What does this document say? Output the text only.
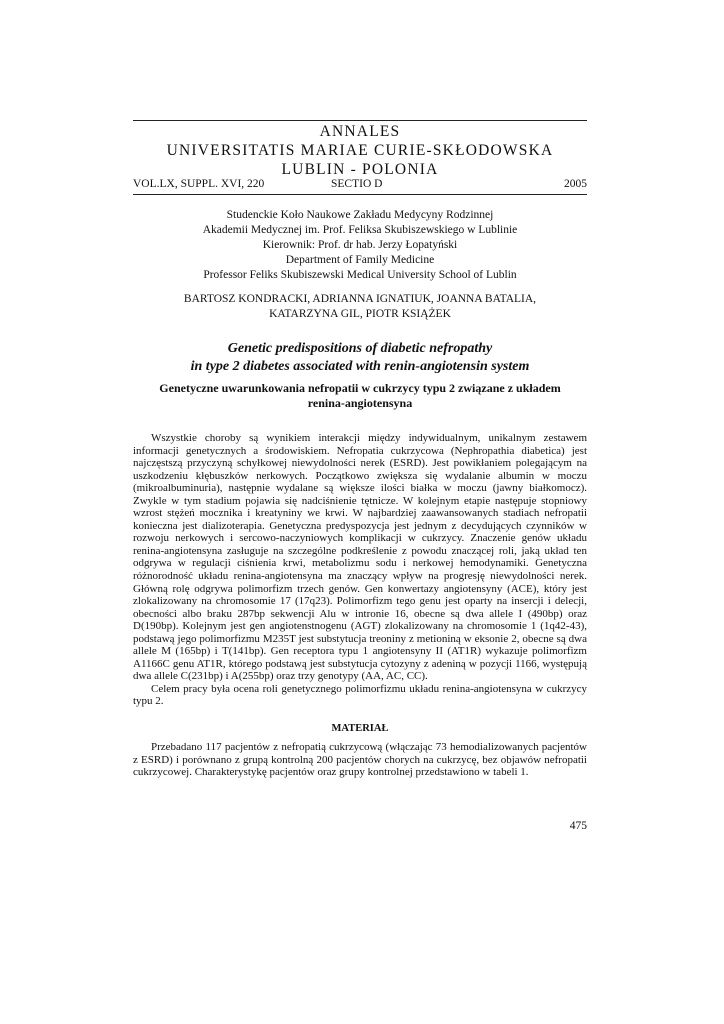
ANNALES
UNIVERSITATIS MARIAE CURIE-SKŁODOWSKA
LUBLIN - POLONIA
VOL.LX, SUPPL. XVI, 220	SECTIO D	2005
Studenckie Koło Naukowe Zakładu Medycyny Rodzinnej
Akademii Medycznej im. Prof. Feliksa Skubiszewskiego w Lublinie
Kierownik: Prof. dr hab. Jerzy Łopatyński
Department of Family Medicine
Professor Feliks Skubiszewski Medical University School of Lublin
BARTOSZ KONDRACKI, ADRIANNA IGNATIUK, JOANNA BATALIA,
KATARZYNA GIL, PIOTR KSIĄŻEK
Genetic predispositions of diabetic nefropathy
in type 2 diabetes associated with renin-angiotensin system
Genetyczne uwarunkowania nefropatii w cukrzycy typu 2 związane z układem
renina-angiotensyna

Wszystkie choroby są wynikiem interakcji między indywidualnym, unikalnym zestawem informacji genetycznych a środowiskiem. Nefropatia cukrzycowa (Nephropathia diabetica) jest najczęstszą przyczyną schyłkowej niewydolności nerek (ESRD). Jest powikłaniem polegającym na uszkodzeniu kłębuszków nerkowych. Początkowo zwiększa się wydalanie albumin w moczu (mikroalbuminuria), następnie wydalane są większe ilości białka w moczu (jawny białkomocz). Zwykle w tym stadium pojawia się nadciśnienie tętnicze. W kolejnym etapie następuje stopniowy wzrost stężeń mocznika i kreatyniny we krwi. W najbardziej zaawansowanych stadiach nefropatii konieczna jest dializoterapia. Genetyczna predyspozycja jest jednym z decydujących czynników w rozwoju nerkowych i sercowo-naczyniowych komplikacji w cukrzycy. Znaczenie genów układu renina-angiotensyna zasługuje na szczególne podkreślenie z powodu znaczącej roli, jaką układ ten odgrywa w regulacji ciśnienia krwi, metabolizmu sodu i nerkowej hemodynamiki. Genetyczna różnorodność układu renina-angiotensyna ma znaczący wpływ na progresję niewydolności nerek. Główną rolę odgrywa polimorfizm trzech genów. Gen konwertazy angiotensyny (ACE), który jest zlokalizowany na chromosomie 17 (17q23). Polimorfizm tego genu jest oparty na insercji i delecji, obecności albo braku 287bp sekwencji Alu w intronie 16, obecne są dwa allele I (490bp) oraz D(190bp). Kolejnym jest gen angiotenstnogenu (AGT) zlokalizowany na chromosomie 1 (1q42-43), podstawą jego polimorfizmu M235T jest substytucja treoniny z metioniną w eksonie 2, obecne są dwa allele M (165bp) i T(141bp). Gen receptora typu 1 angiotensyny II (AT1R) wykazuje polimorfizm A1166C genu AT1R, którego podstawą jest substytucja cytozyny z adeniną w pozycji 1166, występują dwa allele C(231bp) i A(255bp) oraz trzy genotypy (AA, AC, CC).

Celem pracy była ocena roli genetycznego polimorfizmu układu renina-angiotensyna w cukrzycy typu 2.

MATERIAŁ

Przebadano 117 pacjentów z nefropatią cukrzycową (włączając 73 hemodializowanych pacjentów z ESRD) i porównano z grupą kontrolną 200 pacjentów chorych na cukrzycę, bez objawów nefropatii cukrzycowej. Charakterystykę pacjentów oraz grupy kontrolnej przedstawiono w tabeli 1.

475
